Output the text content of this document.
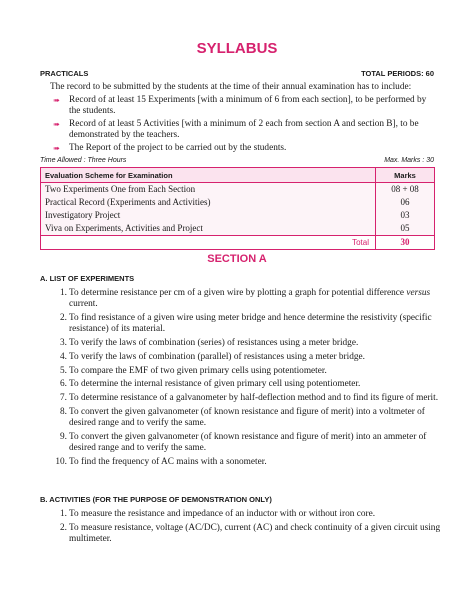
SYLLABUS
PRACTICALS	TOTAL PERIODS: 60
The record to be submitted by the students at the time of their annual examination has to include:
➠ Record of at least 15 Experiments [with a minimum of 6 from each section], to be performed by the students.
➠ Record of at least 5 Activities [with a minimum of 2 each from section A and section B], to be demonstrated by the teachers.
➠ The Report of the project to be carried out by the students.
Time Allowed : Three Hours	Max. Marks : 30
Evaluation Scheme for Examination	Marks
Two Experiments One from Each Section	08 + 08
Practical Record (Experiments and Activities)	06
Investigatory Project	03
Viva on Experiments, Activities and Project	05
Total	30
SECTION A
A. LIST OF EXPERIMENTS
1. To determine resistance per cm of a given wire by plotting a graph for potential difference versus current.
2. To find resistance of a given wire using meter bridge and hence determine the resistivity (specific resistance) of its material.
3. To verify the laws of combination (series) of resistances using a meter bridge.
4. To verify the laws of combination (parallel) of resistances using a meter bridge.
5. To compare the EMF of two given primary cells using potentiometer.
6. To determine the internal resistance of given primary cell using potentiometer.
7. To determine resistance of a galvanometer by half-deflection method and to find its figure of merit.
8. To convert the given galvanometer (of known resistance and figure of merit) into a voltmeter of desired range and to verify the same.
9. To convert the given galvanometer (of known resistance and figure of merit) into an ammeter of desired range and to verify the same.
10. To find the frequency of AC mains with a sonometer.
B. ACTIVITIES (FOR THE PURPOSE OF DEMONSTRATION ONLY)
1. To measure the resistance and impedance of an inductor with or without iron core.
2. To measure resistance, voltage (AC/DC), current (AC) and check continuity of a given circuit using multimeter.
